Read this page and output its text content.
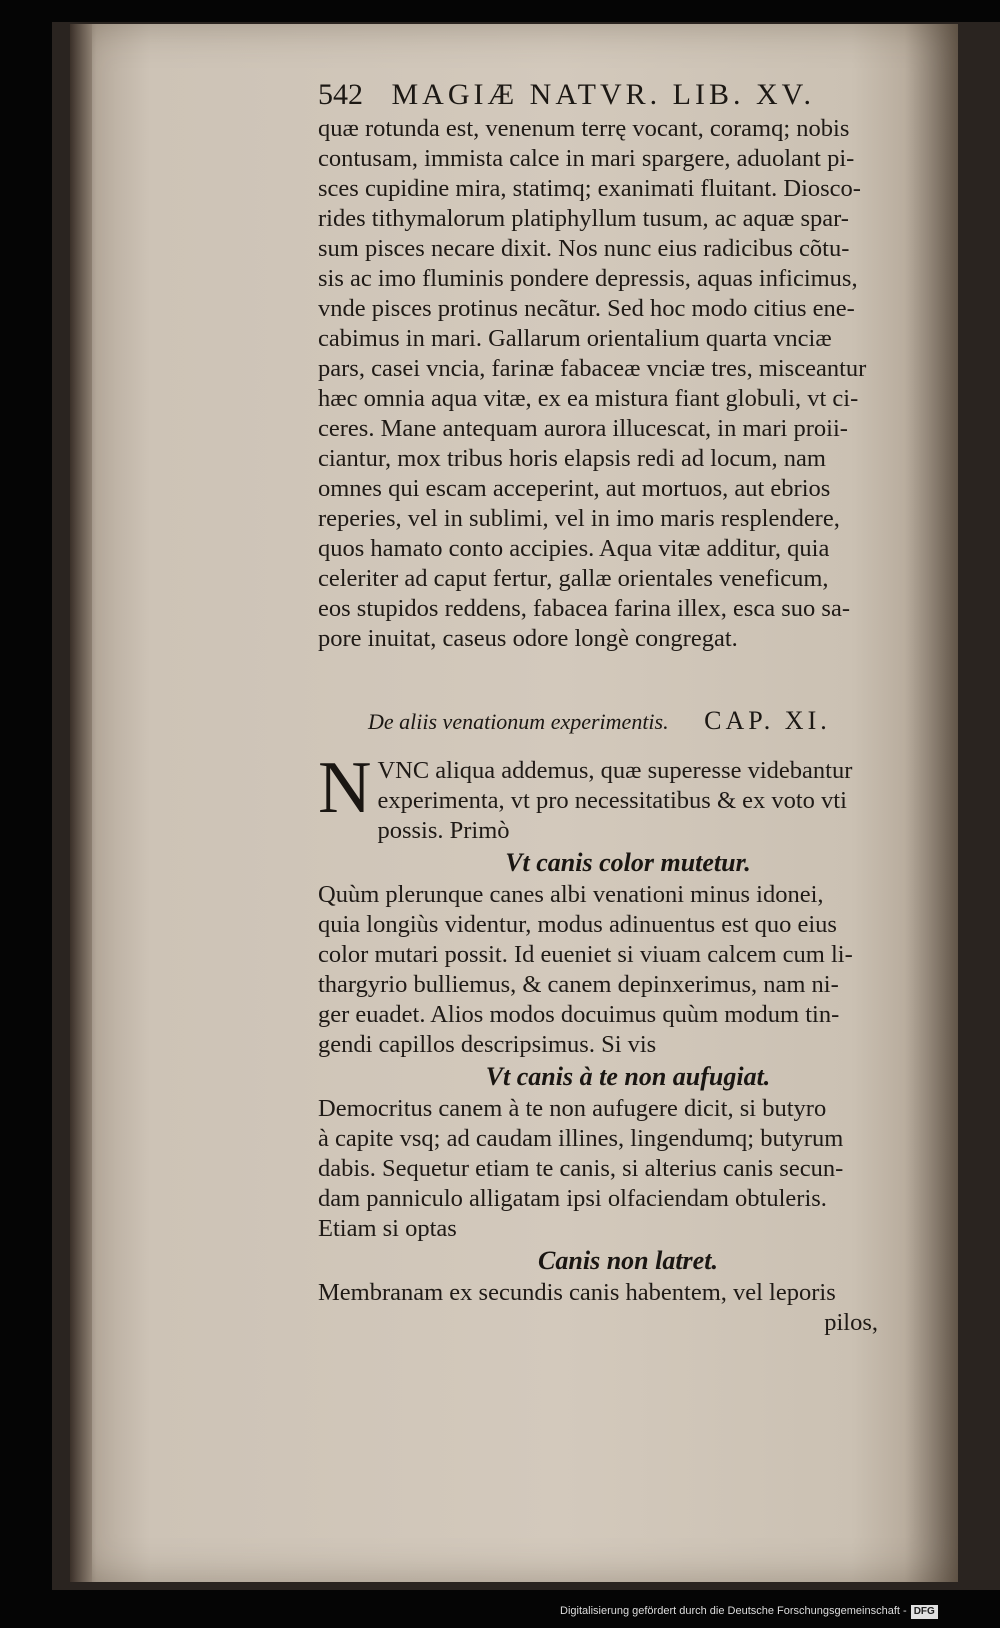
542 MAGIÆ NATVR. LIB. XV.
quæ rotunda est, venenum terrę vocant, coramq; nobis
contusam, immista calce in mari spargere, aduolant pi-
sces cupidine mira, statimq; exanimati fluitant. Diosco-
rides tithymalorum platiphyllum tusum, ac aquæ spar-
sum pisces necare dixit. Nos nunc eius radicibus cõtu-
sis ac imo fluminis pondere depressis, aquas inficimus,
vnde pisces protinus necãtur. Sed hoc modo citius ene-
cabimus in mari. Gallarum orientalium quarta vnciæ
pars, casei vncia, farinæ fabaceæ vnciæ tres, misceantur
hæc omnia aqua vitæ, ex ea mistura fiant globuli, vt ci-
ceres. Mane antequam aurora illucescat, in mari proii-
ciantur, mox tribus horis elapsis redi ad locum, nam
omnes qui escam acceperint, aut mortuos, aut ebrios
reperies, vel in sublimi, vel in imo maris resplendere,
quos hamato conto accipies. Aqua vitæ additur, quia
celeriter ad caput fertur, gallæ orientales veneficum,
eos stupidos reddens, fabacea farina illex, esca suo sa-
pore inuitat, caseus odore longè congregat.
De aliis venationum experimentis. CAP. XI.
N VNC aliqua addemus, quæ superesse videbantur
experimenta, vt pro necessitatibus & ex voto vti
possis. Primò
Vt canis color mutetur.
Quùm plerunque canes albi venationi minus idonei,
quia longiùs videntur, modus adinuentus est quo eius
color mutari possit. Id eueniet si viuam calcem cum li-
thargyrio bulliemus, & canem depinxerimus, nam ni-
ger euadet. Alios modos docuimus quùm modum tin-
gendi capillos descripsimus. Si vis
Vt canis à te non aufugiat.
Democritus canem à te non aufugere dicit, si butyro
à capite vsq; ad caudam illines, lingendumq; butyrum
dabis. Sequetur etiam te canis, si alterius canis secun-
dam panniculo alligatam ipsi olfaciendam obtuleris.
Etiam si optas
Canis non latret.
Membranam ex secundis canis habentem, vel leporis
pilos,
Digitalisierung gefördert durch die Deutsche Forschungsgemeinschaft - DFG
